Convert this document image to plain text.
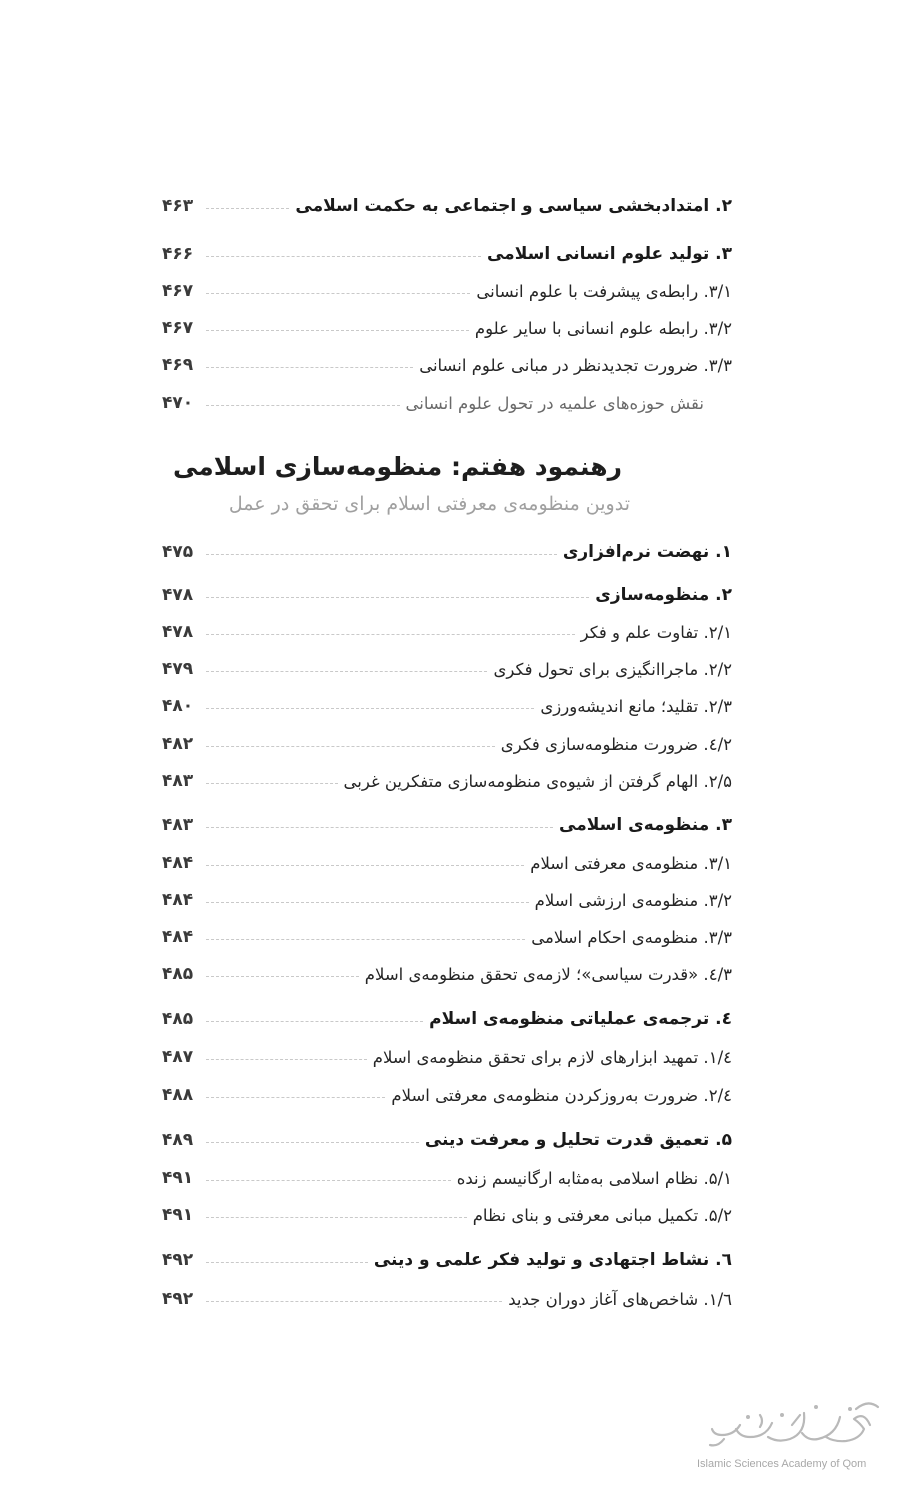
۲. امتدادبخشی سیاسی و اجتماعی به حکمت اسلامی
۴۶۳
۳. تولید علوم انسانی اسلامی
۴۶۶
۳/۱. رابطه‌ی پیشرفت با علوم انسانی
۴۶۷
۳/۲. رابطه علوم انسانی با سایر علوم
۴۶۷
۳/۳. ضرورت تجدیدنظر در مبانی علوم انسانی
۴۶۹
نقش حوزه‌های علمیه در تحول علوم انسانی
۴۷۰
رهنمود هفتم: منظومه‌سازی اسلامی
تدوین منظومه‌ی معرفتی اسلام برای تحقق در عمل
۱. نهضت نرم‌افزاری
۴۷۵
۲. منظومه‌سازی
۴۷۸
۲/۱. تفاوت علم و فکر
۴۷۸
۲/۲. ماجراانگیزی برای تحول فکری
۴۷۹
۲/۳. تقلید؛ مانع اندیشه‌ورزی
۴۸۰
۲/٤. ضرورت منظومه‌سازی فکری
۴۸۲
۲/۵. الهام گرفتن از شیوه‌ی منظومه‌سازی متفکرین غربی
۴۸۳
۳. منظومه‌ی اسلامی
۴۸۳
۳/۱. منظومه‌ی معرفتی اسلام
۴۸۴
۳/۲. منظومه‌ی ارزشی اسلام
۴۸۴
۳/۳. منظومه‌ی احکام اسلامی
۴۸۴
۳/٤. «قدرت سیاسی»؛ لازمه‌ی تحقق منظومه‌ی اسلام
۴۸۵
٤. ترجمه‌ی عملیاتی منظومه‌ی اسلام
۴۸۵
٤/۱. تمهید ابزارهای لازم برای تحقق منظومه‌ی اسلام
۴۸۷
٤/۲. ضرورت به‌روزکردن منظومه‌ی معرفتی اسلام
۴۸۸
۵. تعمیق قدرت تحلیل و معرفت دینی
۴۸۹
۵/۱. نظام اسلامی به‌مثابه ارگانیسم زنده
۴۹۱
۵/۲. تکمیل مبانی معرفتی و بنای نظام
۴۹۱
٦. نشاط اجتهادی و تولید فکر علمی و دینی
۴۹۲
٦/۱. شاخص‌های آغاز دوران جدید
۴۹۲
Islamic Sciences Academy of Qom
